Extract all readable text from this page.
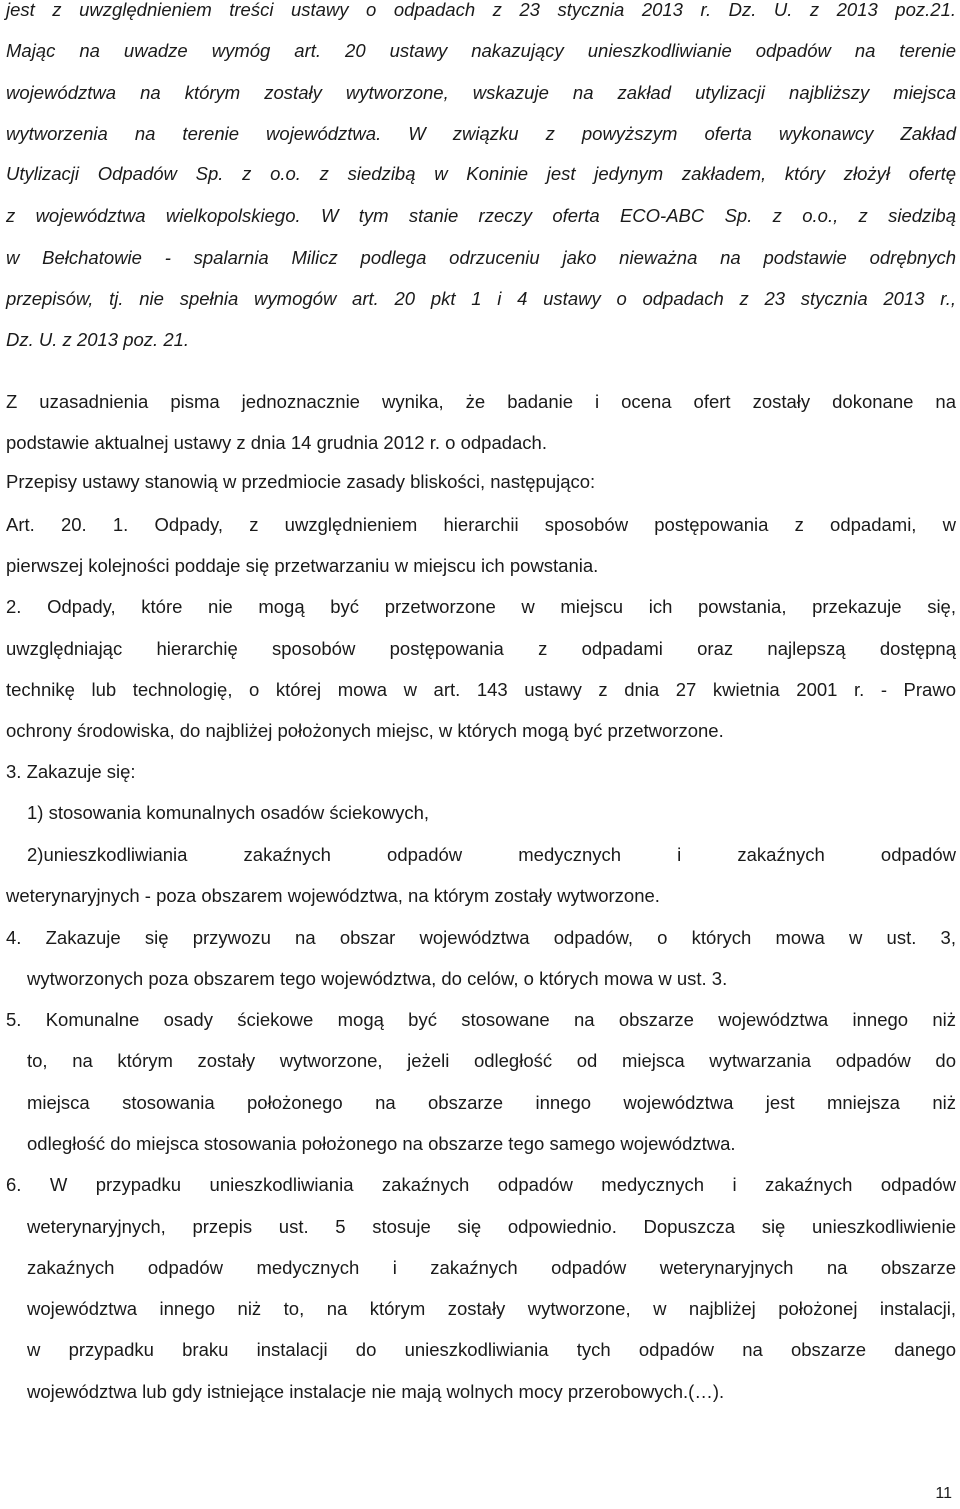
jest z uwzględnieniem treści ustawy o odpadach z 23 stycznia 2013 r. Dz. U. z 2013 poz.21.
Mając na uwadze wymóg art. 20 ustawy nakazujący unieszkodliwianie odpadów na terenie
województwa na którym zostały wytworzone, wskazuje na zakład utylizacji najbliższy miejsca
wytworzenia na terenie województwa. W związku z powyższym oferta wykonawcy Zakład
Utylizacji Odpadów Sp. z o.o. z siedzibą w Koninie jest jedynym zakładem, który złożył ofertę
z województwa wielkopolskiego. W tym stanie rzeczy oferta ECO-ABC Sp. z o.o., z siedzibą
w Bełchatowie - spalarnia Milicz podlega odrzuceniu jako nieważna na podstawie odrębnych
przepisów, tj. nie spełnia wymogów art. 20 pkt 1 i 4 ustawy o odpadach z 23 stycznia 2013 r.,
Dz. U. z 2013 poz. 21.
Z uzasadnienia pisma jednoznacznie wynika, że badanie i ocena ofert zostały dokonane na
podstawie aktualnej ustawy z dnia 14 grudnia 2012 r. o odpadach.
Przepisy ustawy stanowią w przedmiocie zasady bliskości, następująco:
Art. 20. 1. Odpady, z uwzględnieniem hierarchii sposobów postępowania z odpadami, w
pierwszej kolejności poddaje się przetwarzaniu w miejscu ich powstania.
2. Odpady, które nie mogą być przetworzone w miejscu ich powstania, przekazuje się,
uwzględniając hierarchię sposobów postępowania z odpadami oraz najlepszą dostępną
technikę lub technologię, o której mowa w art. 143 ustawy z dnia 27 kwietnia 2001 r. - Prawo
ochrony środowiska, do najbliżej położonych miejsc, w których mogą być przetworzone.
3. Zakazuje się:
1) stosowania komunalnych osadów ściekowych,
2)unieszkodliwiania zakaźnych odpadów medycznych i zakaźnych odpadów
weterynaryjnych - poza obszarem województwa, na którym zostały wytworzone.
4. Zakazuje się przywozu na obszar województwa odpadów, o których mowa w ust. 3,
wytworzonych poza obszarem tego województwa, do celów, o których mowa w ust. 3.
5. Komunalne osady ściekowe mogą być stosowane na obszarze województwa innego niż
to, na którym zostały wytworzone, jeżeli odległość od miejsca wytwarzania odpadów do
miejsca stosowania położonego na obszarze innego województwa jest mniejsza niż
odległość do miejsca stosowania położonego na obszarze tego samego województwa.
6. W przypadku unieszkodliwiania zakaźnych odpadów medycznych i zakaźnych odpadów
weterynaryjnych, przepis ust. 5 stosuje się odpowiednio. Dopuszcza się unieszkodliwienie
zakaźnych odpadów medycznych i zakaźnych odpadów weterynaryjnych na obszarze
województwa innego niż to, na którym zostały wytworzone, w najbliżej położonej instalacji,
w przypadku braku instalacji do unieszkodliwiania tych odpadów na obszarze danego
województwa lub gdy istniejące instalacje nie mają wolnych mocy przerobowych.(…).
11
